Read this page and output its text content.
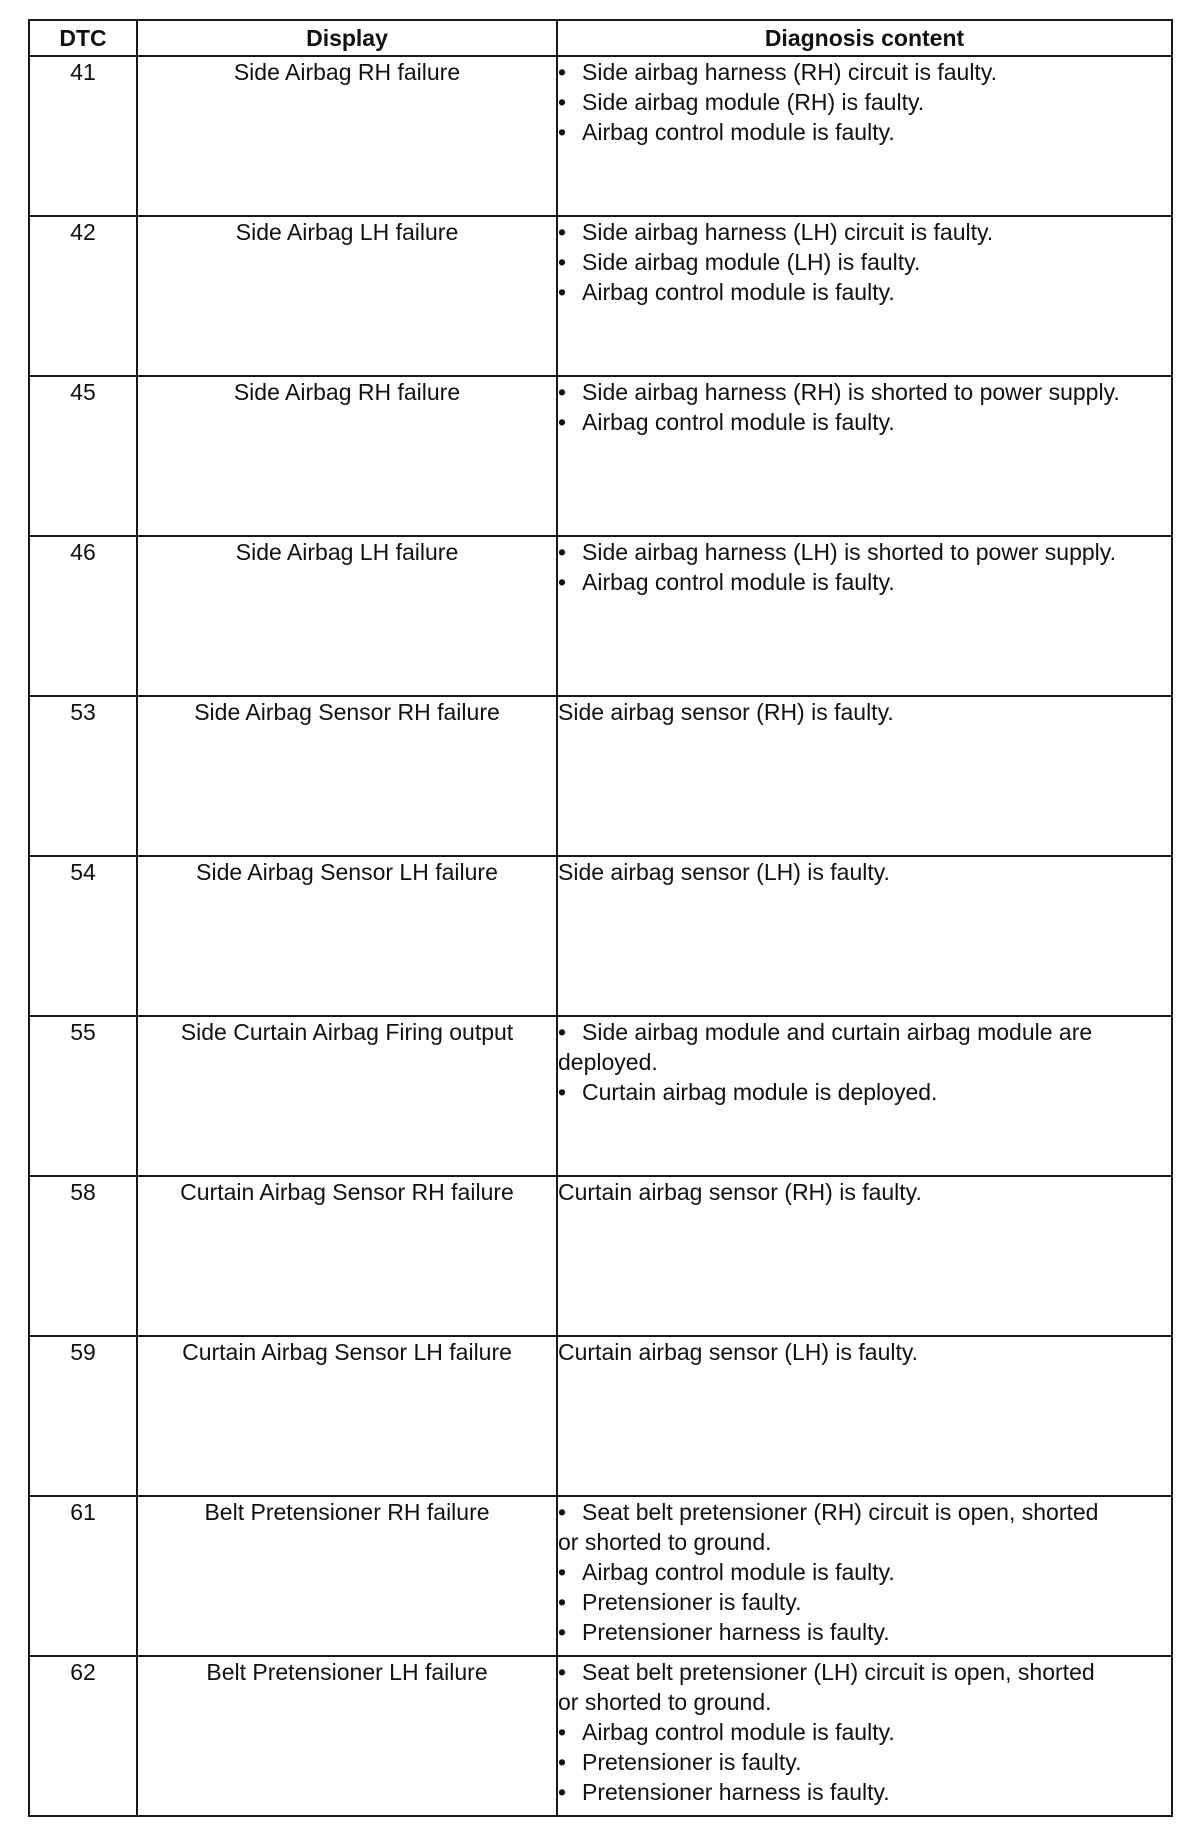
DTC	Display	Diagnosis content
41	Side Airbag RH failure	• Side airbag harness (RH) circuit is faulty.
• Side airbag module (RH) is faulty.
• Airbag control module is faulty.

42	Side Airbag LH failure	• Side airbag harness (LH) circuit is faulty.
• Side airbag module (LH) is faulty.
• Airbag control module is faulty.

45	Side Airbag RH failure	• Side airbag harness (RH) is shorted to power supply.
• Airbag control module is faulty.

46	Side Airbag LH failure	• Side airbag harness (LH) is shorted to power supply.
• Airbag control module is faulty.

53	Side Airbag Sensor RH failure	Side airbag sensor (RH) is faulty.

54	Side Airbag Sensor LH failure	Side airbag sensor (LH) is faulty.

55	Side Curtain Airbag Firing output	• Side airbag module and curtain airbag module are
deployed.
• Curtain airbag module is deployed.

58	Curtain Airbag Sensor RH failure	Curtain airbag sensor (RH) is faulty.

59	Curtain Airbag Sensor LH failure	Curtain airbag sensor (LH) is faulty.

61	Belt Pretensioner RH failure	• Seat belt pretensioner (RH) circuit is open, shorted
or shorted to ground.
• Airbag control module is faulty.
• Pretensioner is faulty.
• Pretensioner harness is faulty.

62	Belt Pretensioner LH failure	• Seat belt pretensioner (LH) circuit is open, shorted
or shorted to ground.
• Airbag control module is faulty.
• Pretensioner is faulty.
• Pretensioner harness is faulty.
